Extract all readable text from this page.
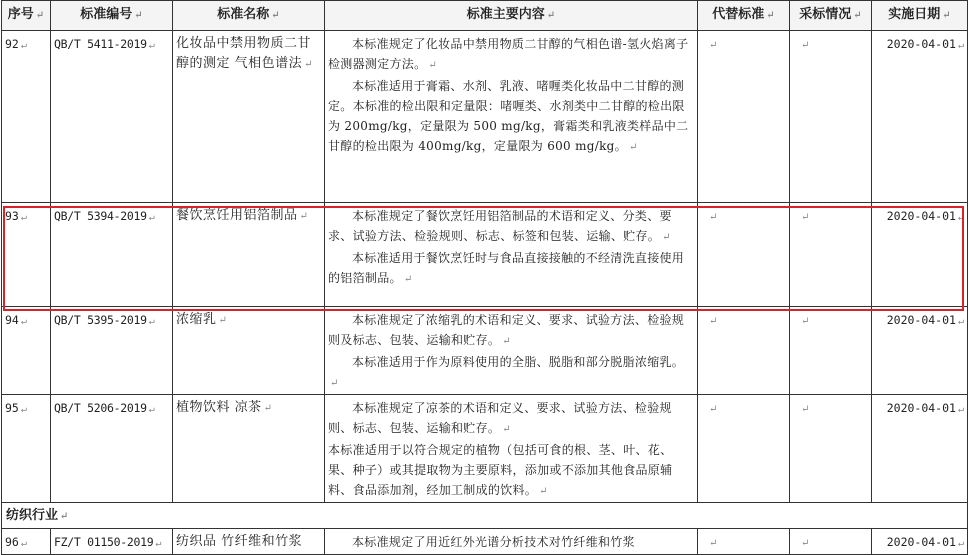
序号 ↵	标准编号 ↵	标准名称 ↵	标准主要内容 ↵	代替标准 ↵	采标情况 ↵	实施日期 ↵
92 ↵	QB/T 5411-2019 ↵	化妆品中禁用物质二甘醇的测定 气相色谱法 ↵	本标准规定了化妆品中禁用物质二甘醇的气相色谱-氢火焰离子检测器测定方法。 ↵

本标准适用于膏霜、水剂、乳液、啫喱类化妆品中二甘醇的测定。本标准的检出限和定量限：啫喱类、水剂类中二甘醇的检出限为 200mg/kg，定量限为 500 mg/kg，膏霜类和乳液类样品中二甘醇的检出限为 400mg/kg，定量限为 600 mg/kg。 ↵	↵	↵	2020-04-01 ↵
93 ↵	QB/T 5394-2019 ↵	餐饮烹饪用铝箔制品 ↵	本标准规定了餐饮烹饪用铝箔制品的术语和定义、分类、要求、试验方法、检验规则、标志、标签和包装、运输、贮存。 ↵

本标准适用于餐饮烹饪时与食品直接接触的不经清洗直接使用的铝箔制品。 ↵	↵	↵	2020-04-01 ↵
94 ↵	QB/T 5395-2019 ↵	浓缩乳 ↵	本标准规定了浓缩乳的术语和定义、要求、试验方法、检验规则及标志、包装、运输和贮存。 ↵

本标准适用于作为原料使用的全脂、脱脂和部分脱脂浓缩乳。↵	↵	↵	2020-04-01 ↵
95 ↵	QB/T 5206-2019 ↵	植物饮料 凉茶 ↵	本标准规定了凉茶的术语和定义、要求、试验方法、检验规则、标志、包装、运输和贮存。 ↵

本标准适用于以符合规定的植物（包括可食的根、茎、叶、花、果、种子）或其提取物为主要原料，添加或不添加其他食品原辅料、食品添加剂，经加工制成的饮料。 ↵	↵	↵	2020-04-01 ↵
纺织行业 ↵						
96 ↵	FZ/T 01150-2019 ↵	纺织品 竹纤维和竹浆	本标准规定了用近红外光谱分析技术对竹纤维和竹浆	↵	↵	2020-04-01 ↵
